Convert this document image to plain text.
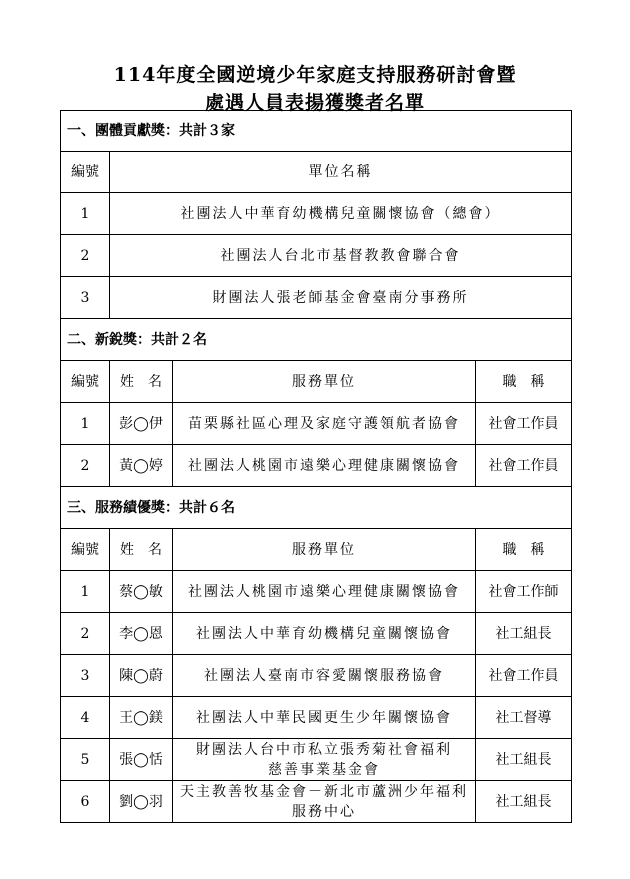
114年度全國逆境少年家庭支持服務研討會暨
處遇人員表揚獲獎者名單
一、團體貢獻獎：共計３家			
編號	單位名稱		
1	社團法人中華育幼機構兒童關懷協會（總會）		
2	社團法人台北市基督教教會聯合會		
3	財團法人張老師基金會臺南分事務所		
二、新銳獎：共計２名			
編號	姓　名	服務單位	職　稱
1	彭◯伊	苗栗縣社區心理及家庭守護領航者協會	社會工作員
2	黃◯婷	社團法人桃園市遠樂心理健康關懷協會	社會工作員
三、服務績優獎：共計６名			
編號	姓　名	服務單位	職　稱
1	蔡◯敏	社團法人桃園市遠樂心理健康關懷協會	社會工作師
2	李◯恩	社團法人中華育幼機構兒童關懷協會	社工組長
3	陳◯蔚	社團法人臺南市容愛關懷服務協會	社會工作員
4	王◯鎂	社團法人中華民國更生少年關懷協會	社工督導
5	張◯恬	財團法人台中市私立張秀菊社會福利
慈善事業基金會	社工組長
6	劉◯羽	天主教善牧基金會－新北市蘆洲少年福利
服務中心	社工組長
